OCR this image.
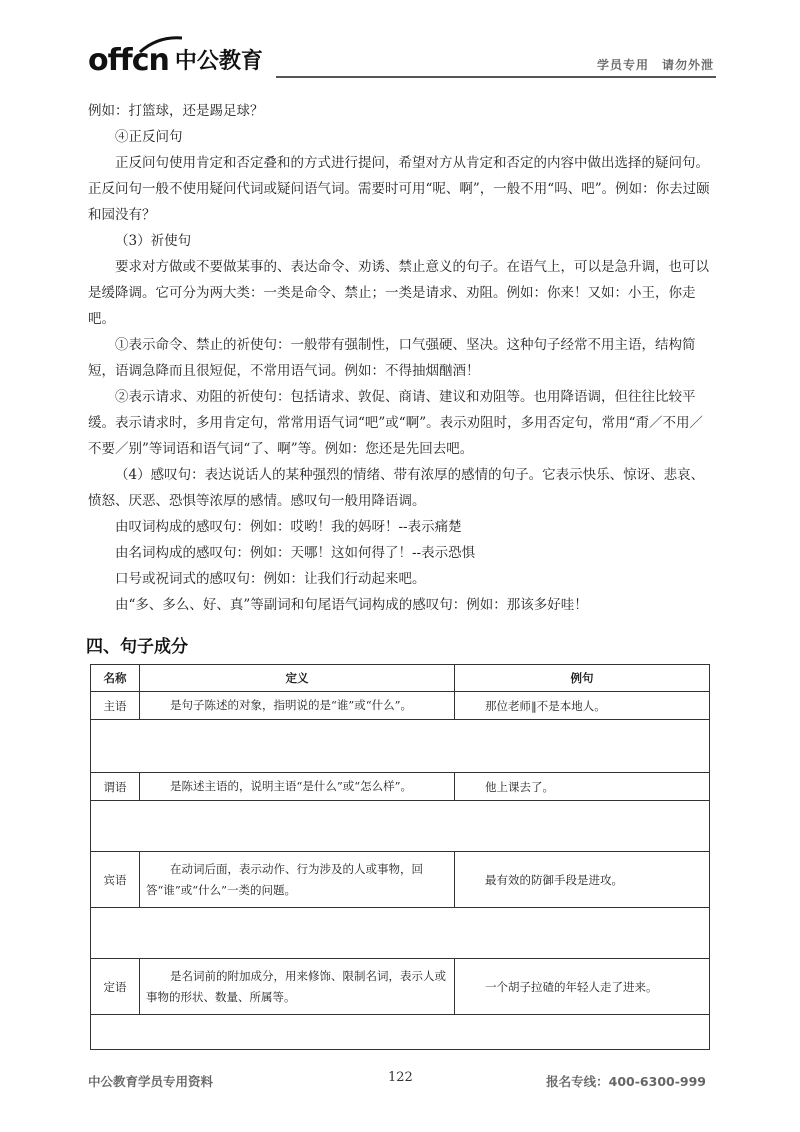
offcn 中公教育	学员专用　请勿外泄

例如：打篮球，还是踢足球？

④正反问句

正反问句使用肯定和否定叠和的方式进行提问，希望对方从肯定和否定的内容中做出选择的疑问句。正反问句一般不使用疑问代词或疑问语气词。需要时可用“呢、啊”，一般不用“吗、吧”。例如：你去过颐和园没有？

（3）祈使句

要求对方做或不要做某事的、表达命令、劝诱、禁止意义的句子。在语气上，可以是急升调，也可以是缓降调。它可分为两大类：一类是命令、禁止；一类是请求、劝阻。例如：你来！又如：小王，你走吧。

①表示命令、禁止的祈使句：一般带有强制性，口气强硬、坚决。这种句子经常不用主语，结构简短，语调急降而且很短促，不常用语气词。例如：不得抽烟酗酒！

②表示请求、劝阻的祈使句：包括请求、敦促、商请、建议和劝阻等。也用降语调，但往往比较平缓。表示请求时，多用肯定句，常常用语气词“吧”或“啊”。表示劝阻时，多用否定句，常用“甭／不用／不要／别”等词语和语气词“了、啊”等。例如：您还是先回去吧。

（4）感叹句：表达说话人的某种强烈的情绪、带有浓厚的感情的句子。它表示快乐、惊讶、悲哀、愤怒、厌恶、恐惧等浓厚的感情。感叹句一般用降语调。

由叹词构成的感叹句：例如：哎哟！我的妈呀！--表示痛楚

由名词构成的感叹句：例如：天哪！这如何得了！--表示恐惧

口号或祝词式的感叹句：例如：让我们行动起来吧。

由“多、多么、好、真”等副词和句尾语气词构成的感叹句：例如：那该多好哇！

四、句子成分
名称	定义	例句
主语	是句子陈述的对象，指明说的是“谁”或“什么”。	那位老师‖不是本地人。

谓语	是陈述主语的，说明主语“是什么”或“怎么样”。	他上课去了。

宾语	在动词后面，表示动作、行为涉及的人或事物，回答“谁”或“什么”一类的问题。	最有效的防御手段是进攻。

定语	是名词前的附加成分，用来修饰、限制名词，表示人或事物的形状、数量、所属等。	一个胡子拉碴的年轻人走了进来。

中公教育学员专用资料	122	报名专线：400-6300-999
